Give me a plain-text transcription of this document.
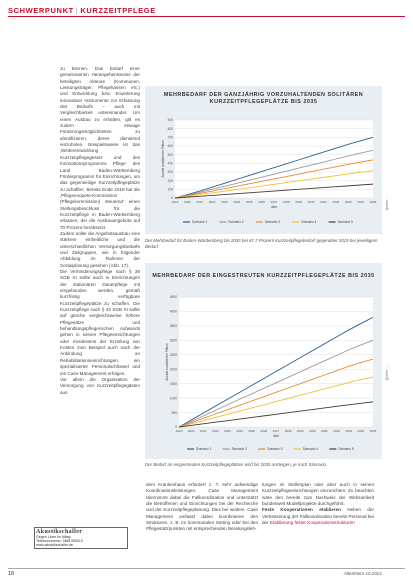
SCHWERPUNKT | KURZZEITPFLEGE

zu können. Das bedarf einer gemeinsamen Herangehensweise der beteiligten Akteure (Kommunen, Leistungsträger, Pflegekassen etc.) und Entwicklung bzw. Erweiterung innovativer Instrumente zur Erfassung des Bedarfs – auch mit Vergleichbarkeit untereinander. Um einen Ausbau zu erhalten, gilt es zudem etwaige Förderungsmöglichkeiten zu identifizieren, deren dienstend einzuholen. Beispielsweise ist das ‚Weiterentwicklung Kurzzeitpflegegesetz und des Innovationsprogramms Pflege‘ des Land Baden-Württemberg Förderprogramm für Einrichtungen, um das gegenseitige Kurzzeitpflegeplätze zu schaffen. Bereits Ende 2018 hat die ‚Pflegeenquete-Kommission (Pflegekommission) steuernd‘ einen Stellungsbeschluss für die Kurzzeitpflege in Baden-Württemberg erlassen, der die Ausbauangebote auf 70 Prozent herabsetzt.

Zudem sollte die Angebotsausbau eine stärkere einheitliche und die unterschiedlichen Versorgungsbedarfe und Zielgruppen, wie in folgender Abbildung im Rahmen der Sozialplanung gesehen (Abb. 17).

Die Verhinderungspflege nach § 39 SGB XI sollte auch in Einrichtungen der stationären Dauerpflege mit eingebunden werden, gemäß kurzfristig verfügbare Kurzzeitpflegeplätze zu schaffen. Die Kurzzeitpflege nach § 42 SGB XI sollte auf gleiche vergleichsweise höhere Pflegesätze und behandlungspflegerischen Aufwands gehen in seinen Pflegeeinrichtungen oder mindestens der Erzielung von Kosten zum Beispiel auch nach der Anbindung an Rehabilitationseinrichtungen, ein spezialisierter Personalschlüssel und ein Case-Management erfolgen.

Vor allem die Organisation der Versorgung von Kurzzeitpflegegästen aus

MEHRBEDARF DER GANZJÄHRIG VORZUHALTENDEN SOLITÄREN
KURZZEITPFLEGEPLÄTZE BIS 2035
0
100
200
300
400
500
600
700
800
900
2019 2020 2021 2022 2023 2024 2025 2026 2027 2028 2029 2030 2031 2032 2033 2034 2035
Jahr
Anzahl zusätzlicher Plätze
Szenario 1	Szenario 2	Szenario 3	Szenario 4	Szenario 5
Der Mehrbedarf für Baden-Württemberg bis 2035 bei 67,7 Prozent Kurzzeitpflegebedarf gegenüber 2019 bei jeweiligem Bedarf.
Quelle: ...
MEHRBEDARF DER EINGESTREUTEN KURZZEITPFLEGEPLÄTZE BIS 2035
0
500
1000
1500
2000
2500
3000
3500
4000
4500
2019 2020 2021 2022 2023 2024 2025 2026 2027 2028 2029 2030 2031 2032 2033 2034 2035
Jahr
Anzahl zusätzlicher Plätze
Szenario 1	Szenario 2	Szenario 3	Szenario 4	Szenario 5
Der Bedarf an eingestreuten Kurzzeitpflegeplätzen wird bis 2035 ansteigen, je nach Szenario.
Quelle: ...

dem Krankenhaus erfordert z. T. sehr aufwendige Koordinationsleistungen. Case Management übernimmt dabei die Fallkoordination und unterstützt die Betroffenen und Einrichtungen bei der Recherche und der Kurzzeitpflegeplanung. Dies bei weitem. Case Management umfasst dabei koordinieren den Strukturen, z. B. im kommunalen Setting oder bei den Pflegestützpunkten mit entsprechenden Beratungsleh-

tungen im Stellenplan oder aber auch in seinen Kurzzeitpflegeeinrichtungen einzurichten. Zu beachten wäre den bereits zum Nachweis der Wirksamkeit bundesweit Modellprojekte durchgeführt.

Feste Kooperationen etablieren Neben der Verbesserung der Fallkoordination bereits Personal bei der Etablierung fester Kooperationsstrukturen

Akustikschaller
Gegen Lärm im Alltag
Telefonnummer: 0881/9926-0
www.akustikschaller.de
18	Altenheim 10.2021
